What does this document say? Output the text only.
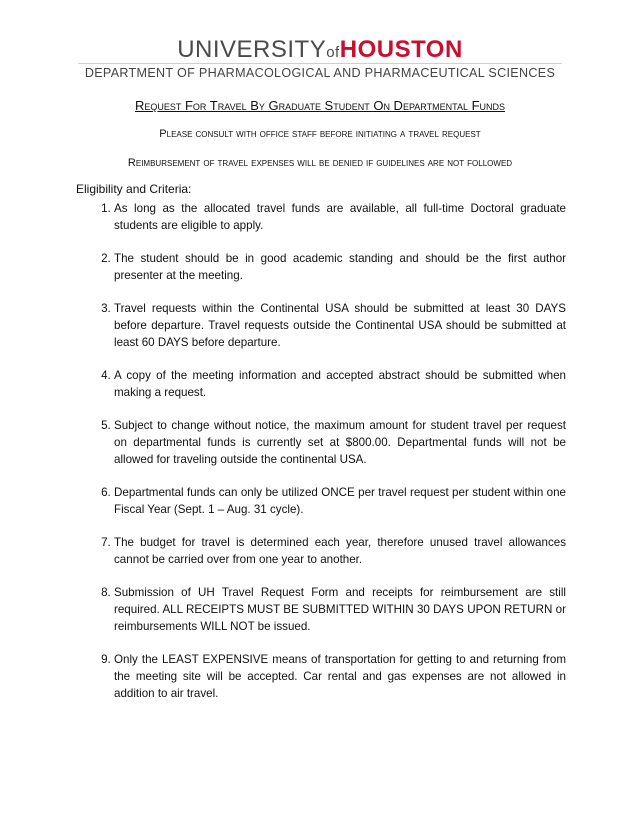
UNIVERSITYofHOUSTON
DEPARTMENT OF PHARMACOLOGICAL AND PHARMACEUTICAL SCIENCES
Request For Travel By Graduate Student On Departmental Funds
Please consult with office staff before initiating a travel request
Reimbursement of travel expenses will be denied if guidelines are not followed
Eligibility and Criteria:
1. As long as the allocated travel funds are available, all full-time Doctoral graduate students are eligible to apply.
2. The student should be in good academic standing and should be the first author presenter at the meeting.
3. Travel requests within the Continental USA should be submitted at least 30 DAYS before departure. Travel requests outside the Continental USA should be submitted at least 60 DAYS before departure.
4. A copy of the meeting information and accepted abstract should be submitted when making a request.
5. Subject to change without notice, the maximum amount for student travel per request on departmental funds is currently set at $800.00. Departmental funds will not be allowed for traveling outside the continental USA.
6. Departmental funds can only be utilized ONCE per travel request per student within one Fiscal Year (Sept. 1 – Aug. 31 cycle).
7. The budget for travel is determined each year, therefore unused travel allowances cannot be carried over from one year to another.
8. Submission of UH Travel Request Form and receipts for reimbursement are still required. ALL RECEIPTS MUST BE SUBMITTED WITHIN 30 DAYS UPON RETURN or reimbursements WILL NOT be issued.
9. Only the LEAST EXPENSIVE means of transportation for getting to and returning from the meeting site will be accepted. Car rental and gas expenses are not allowed in addition to air travel.
